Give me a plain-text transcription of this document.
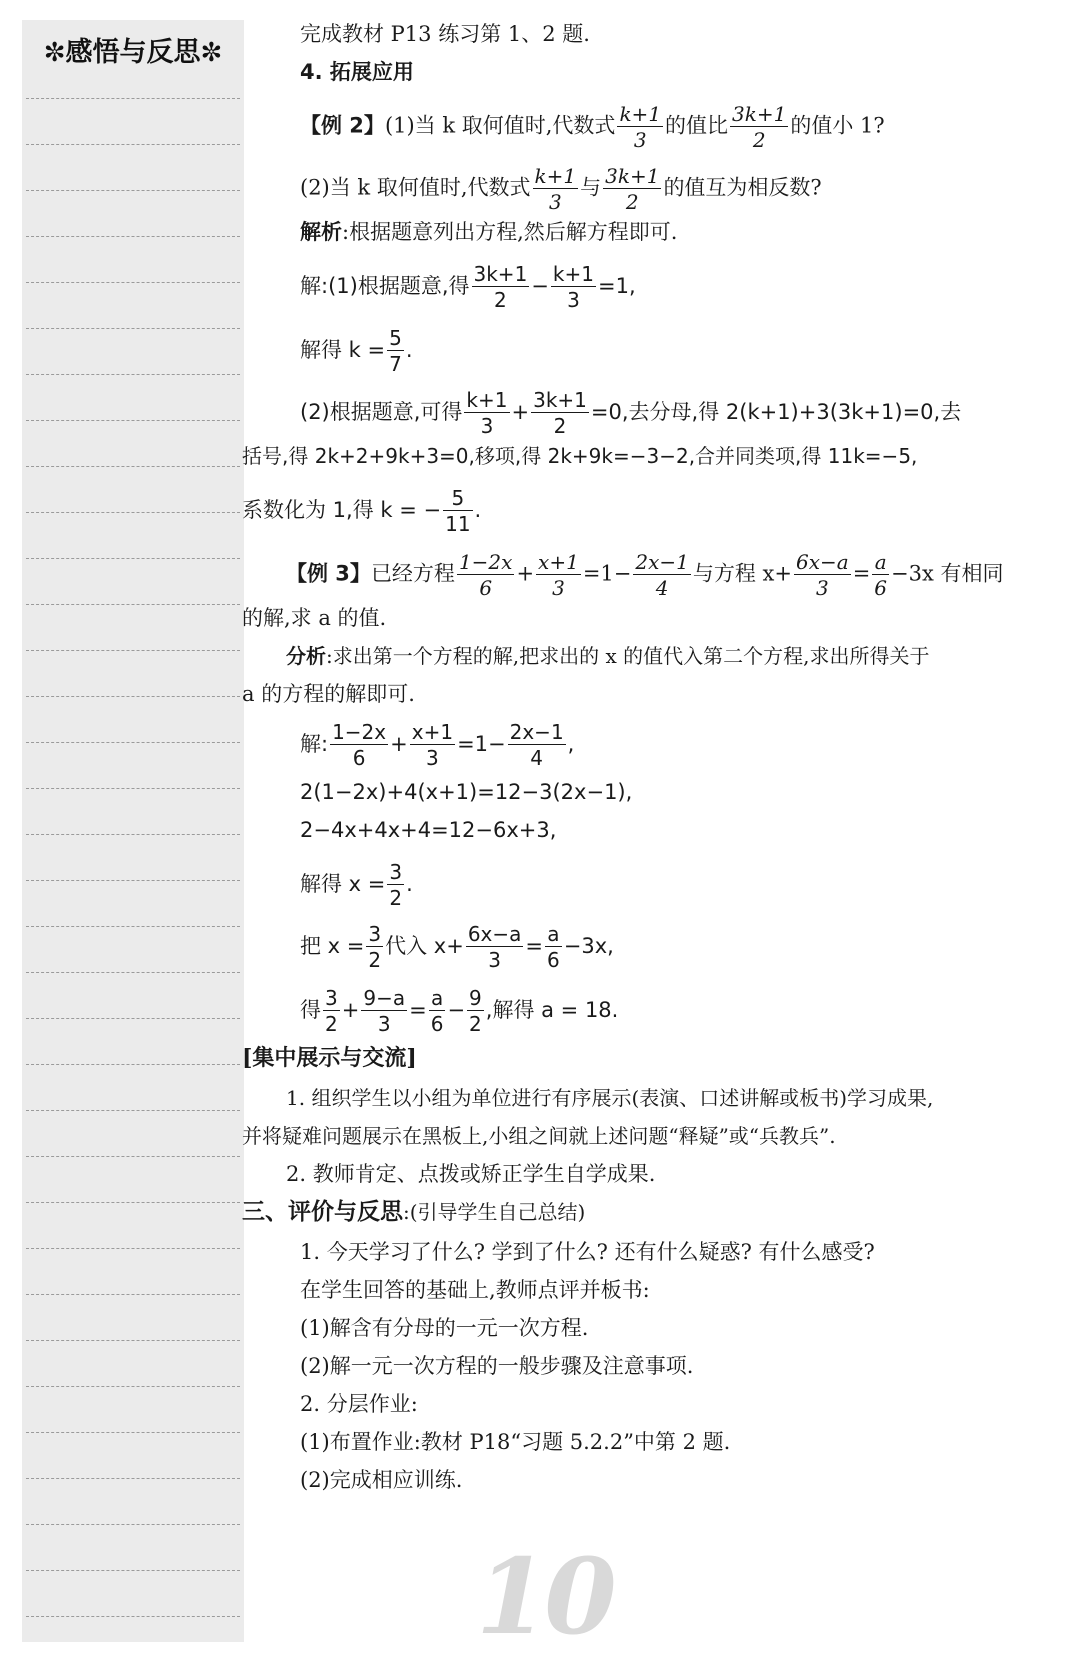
✼感悟与反思✼
完成教材 P13 练习第 1、2 题.
4. 拓展应用
【例 2】(1)当 k 取何值时,代数式 $\frac{k+1}{3}$ 的值比 $\frac{3k+1}{2}$ 的值小 1?
(2)当 k 取何值时,代数式 $\frac{k+1}{3}$ 与 $\frac{3k+1}{2}$ 的值互为相反数?
解析:根据题意列出方程,然后解方程即可.
解:(1)根据题意,得 $\frac{3k+1}{2} - \frac{k+1}{3} =1$,
解得 $k = \frac{5}{7}$ .
(2)根据题意,可得 $\frac{k+1}{3} + \frac{3k+1}{2} =0$,去分母,得 2(k+1)+3(3k+1)=0,去
括号,得 2k+2+9k+3=0,移项,得 2k+9k=−3−2,合并同类项,得 11k=−5,
系数化为 1,得 k = − $\frac{5}{11}$ .
【例 3】已经方程 $\frac{1-2x}{6} + \frac{x+1}{3} =1- \frac{2x-1}{4}$ 与方程 $x+ \frac{6x-a}{3} = \frac{a}{6} -3x$ 有相同
的解,求 a 的值.
分析:求出第一个方程的解,把求出的 x 的值代入第二个方程,求出所得关于
a 的方程的解即可.
解: $\frac{1-2x}{6} + \frac{x+1}{3} =1- \frac{2x-1}{4}$ ,
2(1−2x)+4(x+1)=12−3(2x−1),
2−4x+4x+4=12−6x+3,
解得 $x = \frac{3}{2}$ .
把 $x = \frac{3}{2}$ 代入 $x+ \frac{6x-a}{3} = \frac{a}{6} -3x$,
得 $\frac{3}{2} + \frac{9-a}{3} = \frac{a}{6} - \frac{9}{2}$ ,解得 a = 18.
[集中展示与交流]
1. 组织学生以小组为单位进行有序展示(表演、口述讲解或板书)学习成果,
并将疑难问题展示在黑板上,小组之间就上述问题“释疑”或“兵教兵”.
2. 教师肯定、点拨或矫正学生自学成果.
三、评价与反思:(引导学生自己总结)
1. 今天学习了什么? 学到了什么? 还有什么疑惑? 有什么感受?
在学生回答的基础上,教师点评并板书:
(1)解含有分母的一元一次方程.
(2)解一元一次方程的一般步骤及注意事项.
2. 分层作业:
(1)布置作业:教材 P18“习题 5.2.2”中第 2 题.
(2)完成相应训练.
10
